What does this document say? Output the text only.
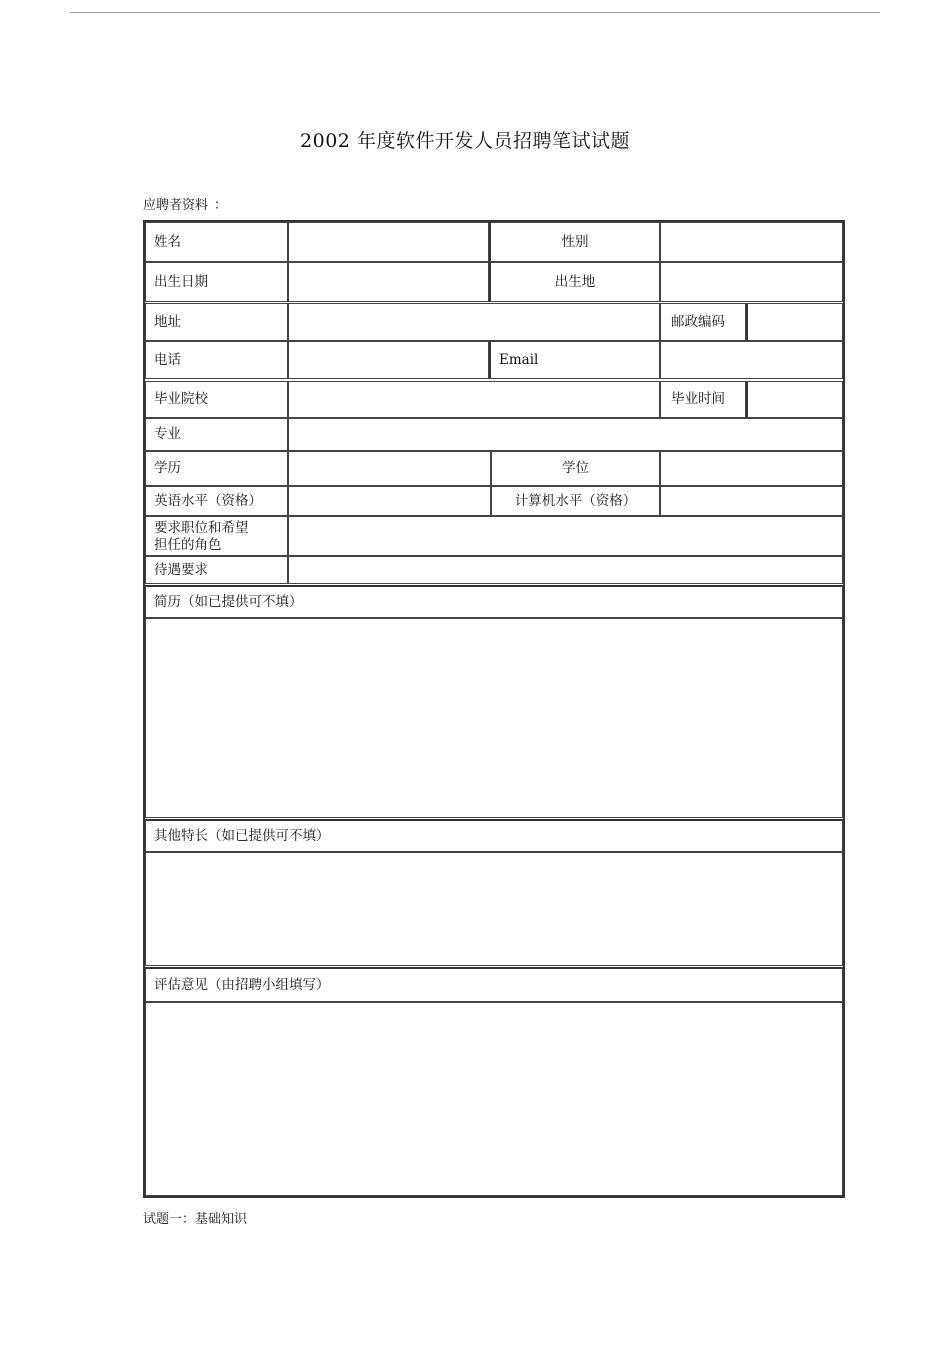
2002 年度软件开发人员招聘笔试试题
应聘者资料 ：
姓名	性别
出生日期	出生地
地址	邮政编码
电话	Email
毕业院校	毕业时间
专业
学历	学位
英语水平（资格）	计算机水平（资格）
要求职位和希望
担任的角色
待遇要求
简历（如已提供可不填）
其他特长（如已提供可不填）
评估意见（由招聘小组填写）
试题一：基础知识
